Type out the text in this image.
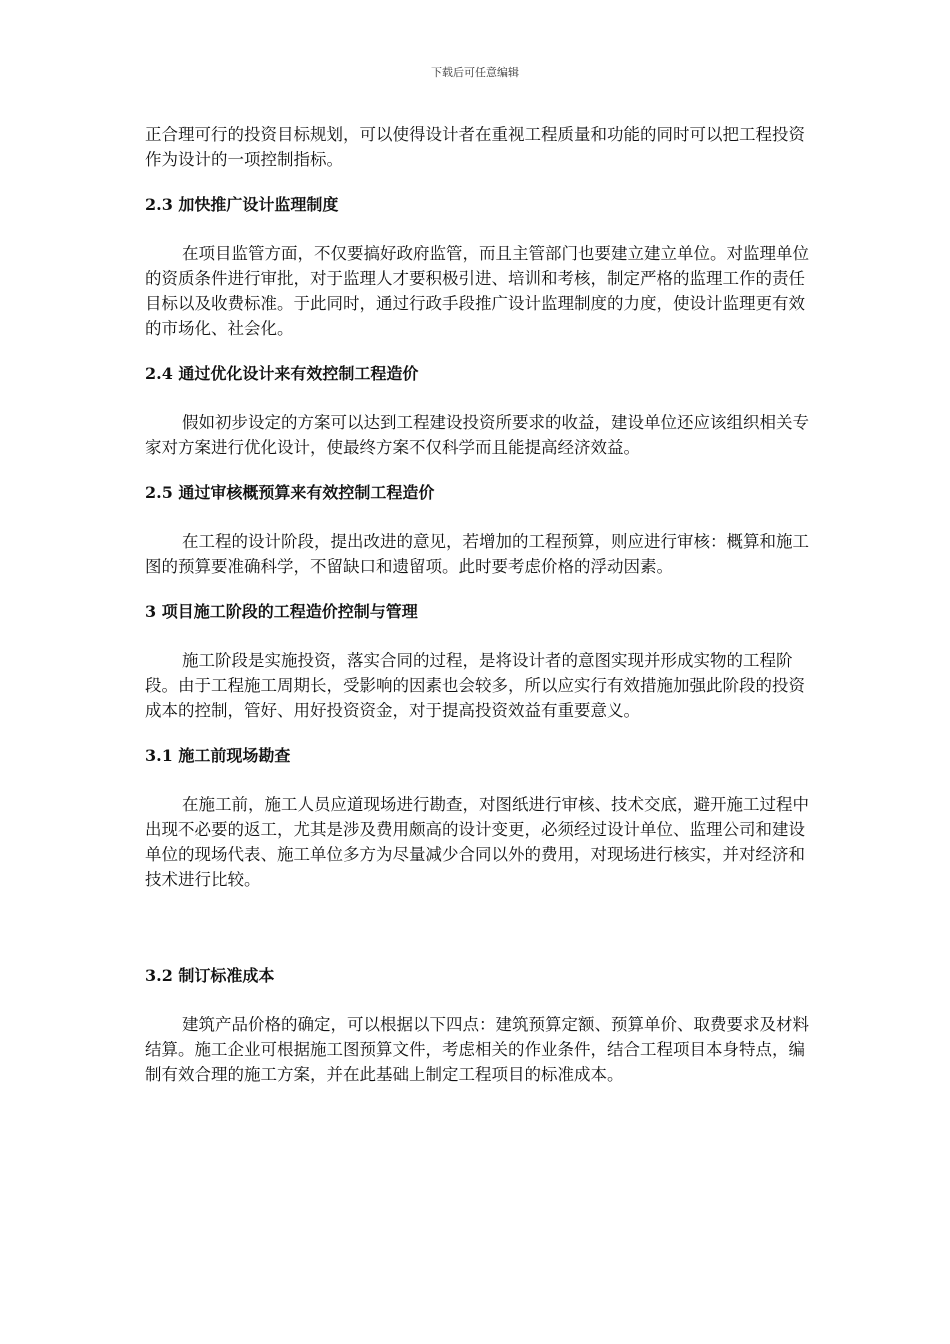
下载后可任意编辑

正合理可行的投资目标规划，可以使得设计者在重视工程质量和功能的同时可以把工程投资作为设计的一项控制指标。

2.3 加快推广设计监理制度

在项目监管方面，不仅要搞好政府监管，而且主管部门也要建立建立单位。对监理单位的资质条件进行审批，对于监理人才要积极引进、培训和考核，制定严格的监理工作的责任目标以及收费标准。于此同时，通过行政手段推广设计监理制度的力度，使设计监理更有效的市场化、社会化。

2.4 通过优化设计来有效控制工程造价

假如初步设定的方案可以达到工程建设投资所要求的收益，建设单位还应该组织相关专家对方案进行优化设计，使最终方案不仅科学而且能提高经济效益。

2.5 通过审核概预算来有效控制工程造价

在工程的设计阶段，提出改进的意见，若增加的工程预算，则应进行审核：概算和施工图的预算要准确科学，不留缺口和遗留项。此时要考虑价格的浮动因素。

3 项目施工阶段的工程造价控制与管理

施工阶段是实施投资，落实合同的过程，是将设计者的意图实现并形成实物的工程阶段。由于工程施工周期长，受影响的因素也会较多，所以应实行有效措施加强此阶段的投资成本的控制，管好、用好投资资金，对于提高投资效益有重要意义。

3.1 施工前现场勘查

在施工前，施工人员应道现场进行勘查，对图纸进行审核、技术交底，避开施工过程中出现不必要的返工，尤其是涉及费用颇高的设计变更，必须经过设计单位、监理公司和建设单位的现场代表、施工单位多方为尽量减少合同以外的费用，对现场进行核实，并对经济和技术进行比较。

3.2 制订标准成本

建筑产品价格的确定，可以根据以下四点：建筑预算定额、预算单价、取费要求及材料结算。施工企业可根据施工图预算文件，考虑相关的作业条件，结合工程项目本身特点，编制有效合理的施工方案，并在此基础上制定工程项目的标准成本。
